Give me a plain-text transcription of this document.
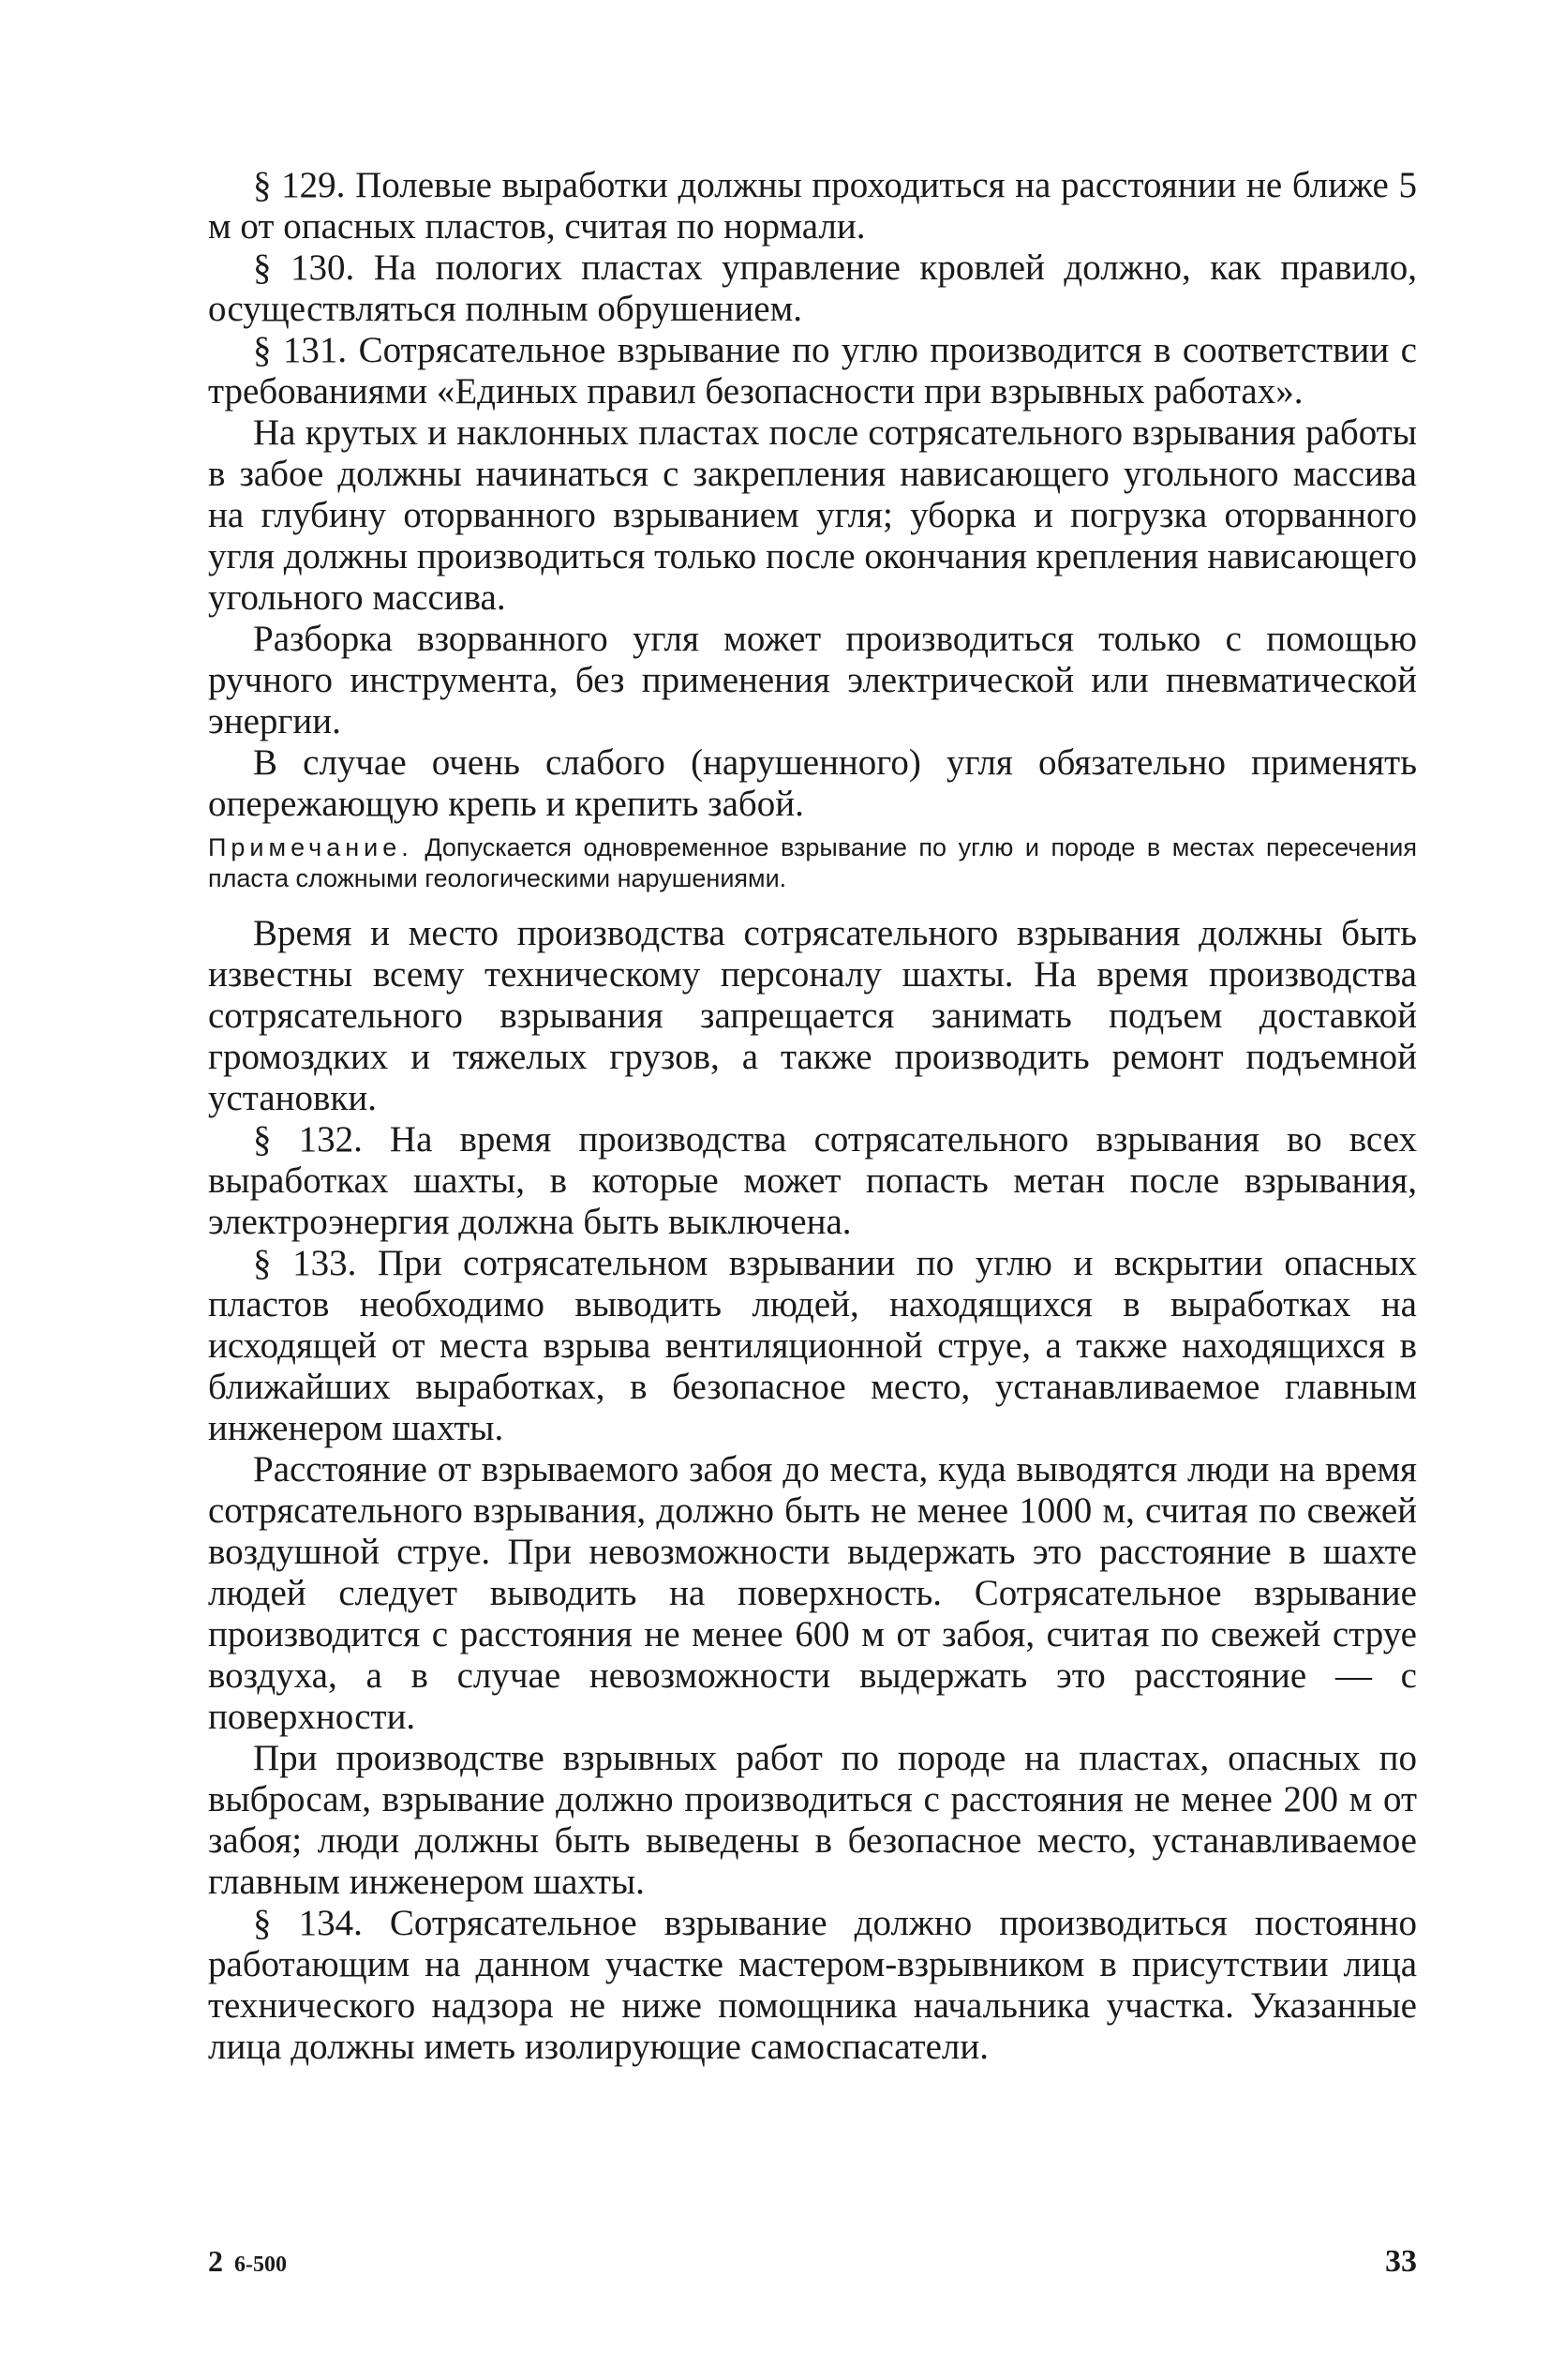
§ 129. Полевые выработки должны проходиться на расстоянии не ближе 5 м от опасных пластов, считая по нормали.

§ 130. На пологих пластах управление кровлей должно, как правило, осуществляться полным обрушением.

§ 131. Сотрясательное взрывание по углю производится в соответствии с требованиями «Единых правил безопасности при взрывных работах».

На крутых и наклонных пластах после сотрясательного взрывания работы в забое должны начинаться с закрепления нависающего угольного массива на глубину оторванного взрыванием угля; уборка и погрузка оторванного угля должны производиться только после окончания крепления нависающего угольного массива.

Разборка взорванного угля может производиться только с помощью ручного инструмента, без применения электрической или пневматической энергии.

В случае очень слабого (нарушенного) угля обязательно применять опережающую крепь и крепить забой.

Примечание. Допускается одновременное взрывание по углю и породе в местах пересечения пласта сложными геологическими нарушениями.

Время и место производства сотрясательного взрывания должны быть известны всему техническому персоналу шахты. На время производства сотрясательного взрывания запрещается занимать подъем доставкой громоздких и тяжелых грузов, а также производить ремонт подъемной установки.

§ 132. На время производства сотрясательного взрывания во всех выработках шахты, в которые может попасть метан после взрывания, электроэнергия должна быть выключена.

§ 133. При сотрясательном взрывании по углю и вскрытии опасных пластов необходимо выводить людей, находящихся в выработках на исходящей от места взрыва вентиляционной струе, а также находящихся в ближайших выработках, в безопасное место, устанавливаемое главным инженером шахты.

Расстояние от взрываемого забоя до места, куда выводятся люди на время сотрясательного взрывания, должно быть не менее 1000 м, считая по свежей воздушной струе. При невозможности выдержать это расстояние в шахте людей следует выводить на поверхность. Сотрясательное взрывание производится с расстояния не менее 600 м от забоя, считая по свежей струе воздуха, а в случае невозможности выдержать это расстояние — с поверхности.

При производстве взрывных работ по породе на пластах, опасных по выбросам, взрывание должно производиться с расстояния не менее 200 м от забоя; люди должны быть выведены в безопасное место, устанавливаемое главным инженером шахты.

§ 134. Сотрясательное взрывание должно производиться постоянно работающим на данном участке мастером-взрывником в присутствии лица технического надзора не ниже помощника начальника участка. Указанные лица должны иметь изолирующие самоспасатели.

2 6-500	33
